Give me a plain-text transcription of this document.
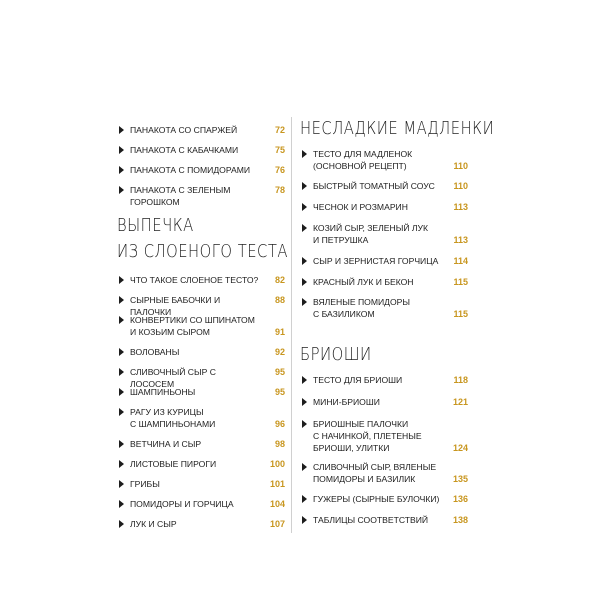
ПАНАКОТА СО СПАРЖЕЙ	72
ПАНАКОТА С КАБАЧКАМИ	75
ПАНАКОТА С ПОМИДОРАМИ	76
ПАНАКОТА С ЗЕЛЕНЫМ ГОРОШКОМ
78
ВЫПЕЧКА
ИЗ СЛОЕНОГО ТЕСТА
ЧТО ТАКОЕ СЛОЕНОЕ ТЕСТО? 82
СЫРНЫЕ БАБОЧКИ И ПАЛОЧКИ
88
КОНВЕРТИКИ СО ШПИНАТОМ
И КОЗЬИМ СЫРОМ	91
ВОЛОВАНЫ	92
СЛИВОЧНЫЙ СЫР С ЛОСОСЕМ
95
ШАМПИНЬОНЫ	95
РАГУ ИЗ КУРИЦЫ
С ШАМПИНЬОНАМИ	96
ВЕТЧИНА И СЫР	98
ЛИСТОВЫЕ ПИРОГИ	100
ГРИБЫ	101
ПОМИДОРЫ И ГОРЧИЦА	104
ЛУК И СЫР	107
НЕСЛАДКИЕ МАДЛЕНКИ
ТЕСТО ДЛЯ МАДЛЕНОК
(ОСНОВНОЙ РЕЦЕПТ)	110
БЫСТРЫЙ ТОМАТНЫЙ СОУС	110
ЧЕСНОК И РОЗМАРИН	113
КОЗИЙ СЫР, ЗЕЛЕНЫЙ ЛУК
И ПЕТРУШКА	113
СЫР И ЗЕРНИСТАЯ ГОРЧИЦА	114
КРАСНЫЙ ЛУК И БЕКОН	115
ВЯЛЕНЫЕ ПОМИДОРЫ
С БАЗИЛИКОМ	115
БРИОШИ
ТЕСТО ДЛЯ БРИОШИ	118
МИНИ-БРИОШИ	121
БРИОШНЫЕ ПАЛОЧКИ
С НАЧИНКОЙ, ПЛЕТЕНЫЕ
БРИОШИ, УЛИТКИ	124
СЛИВОЧНЫЙ СЫР, ВЯЛЕНЫЕ
ПОМИДОРЫ И БАЗИЛИК	135
ГУЖЕРЫ (СЫРНЫЕ БУЛОЧКИ) 136
ТАБЛИЦЫ СООТВЕТСТВИЙ	138
